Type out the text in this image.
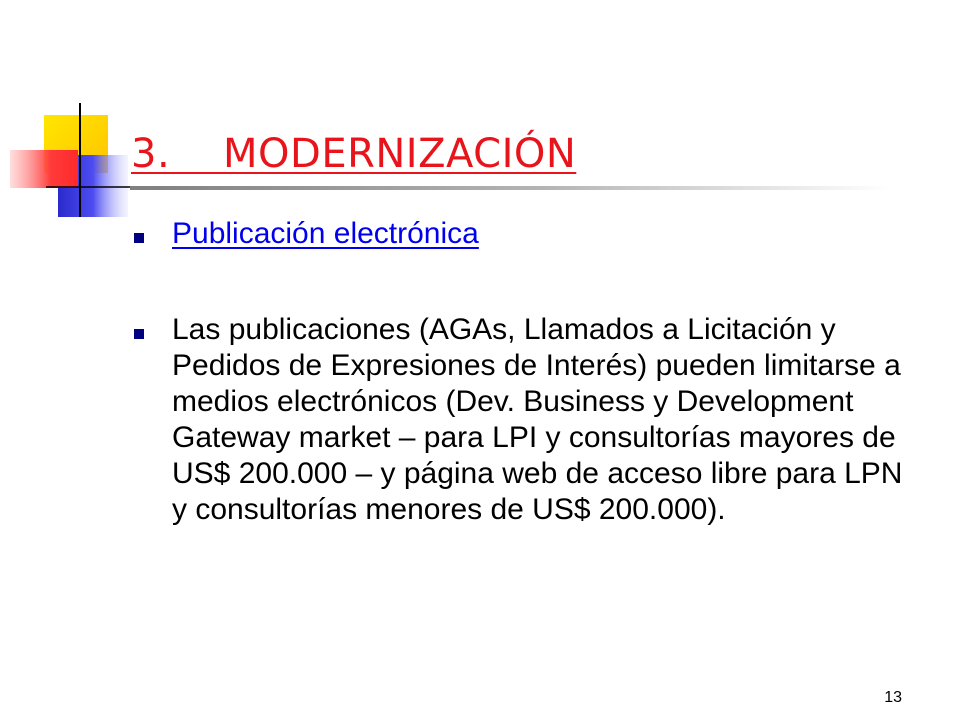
3.    MODERNIZACIÓN
Publicación electrónica
Las publicaciones (AGAs, Llamados a Licitación y Pedidos de Expresiones de Interés) pueden limitarse a medios electrónicos (Dev. Business y Development Gateway market – para LPI y consultorías mayores de US$ 200.000 – y página web de acceso libre para LPN y consultorías menores de US$ 200.000).
13
